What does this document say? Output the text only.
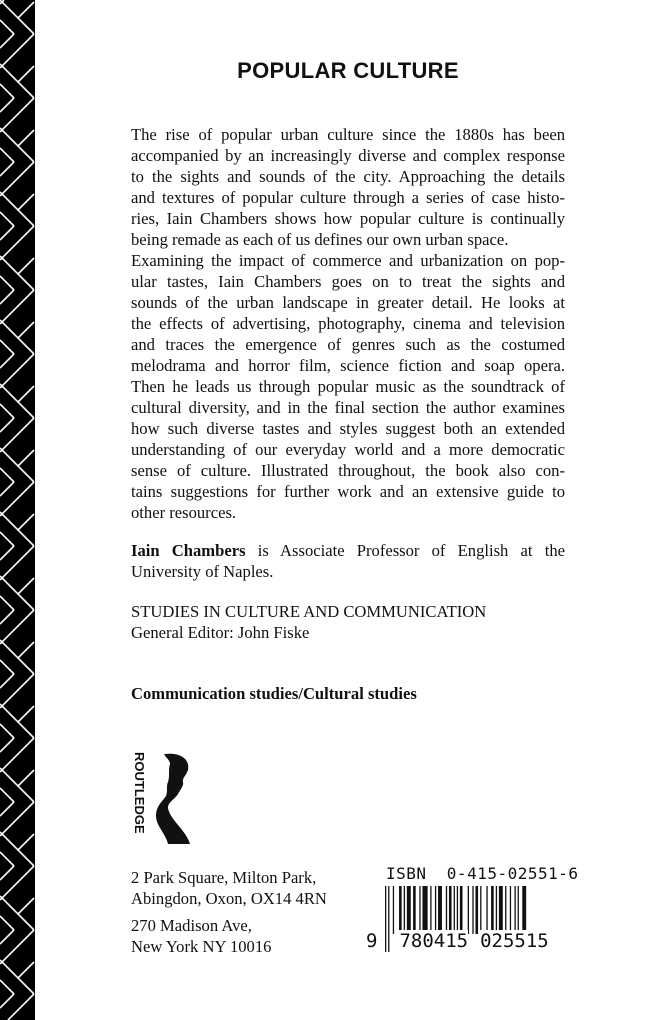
POPULAR CULTURE
The rise of popular urban culture since the 1880s has been
accompanied by an increasingly diverse and complex response
to the sights and sounds of the city. Approaching the details
and textures of popular culture through a series of case histo-
ries, Iain Chambers shows how popular culture is continually
being remade as each of us defines our own urban space.
Examining the impact of commerce and urbanization on pop-
ular tastes, Iain Chambers goes on to treat the sights and
sounds of the urban landscape in greater detail. He looks at
the effects of advertising, photography, cinema and television
and traces the emergence of genres such as the costumed
melodrama and horror film, science fiction and soap opera.
Then he leads us through popular music as the soundtrack of
cultural diversity, and in the final section the author examines
how such diverse tastes and styles suggest both an extended
understanding of our everyday world and a more democratic
sense of culture. Illustrated throughout, the book also con-
tains suggestions for further work and an extensive guide to
other resources.
Iain Chambers is Associate Professor of English at the
University of Naples.
STUDIES IN CULTURE AND COMMUNICATION
General Editor: John Fiske
Communication studies/Cultural studies
ROUTLEDGE
2 Park Square, Milton Park,
Abingdon, Oxon, OX14 4RN
270 Madison Ave,
New York NY 10016
ISBN  0-415-02551-6
9 780415 025515
